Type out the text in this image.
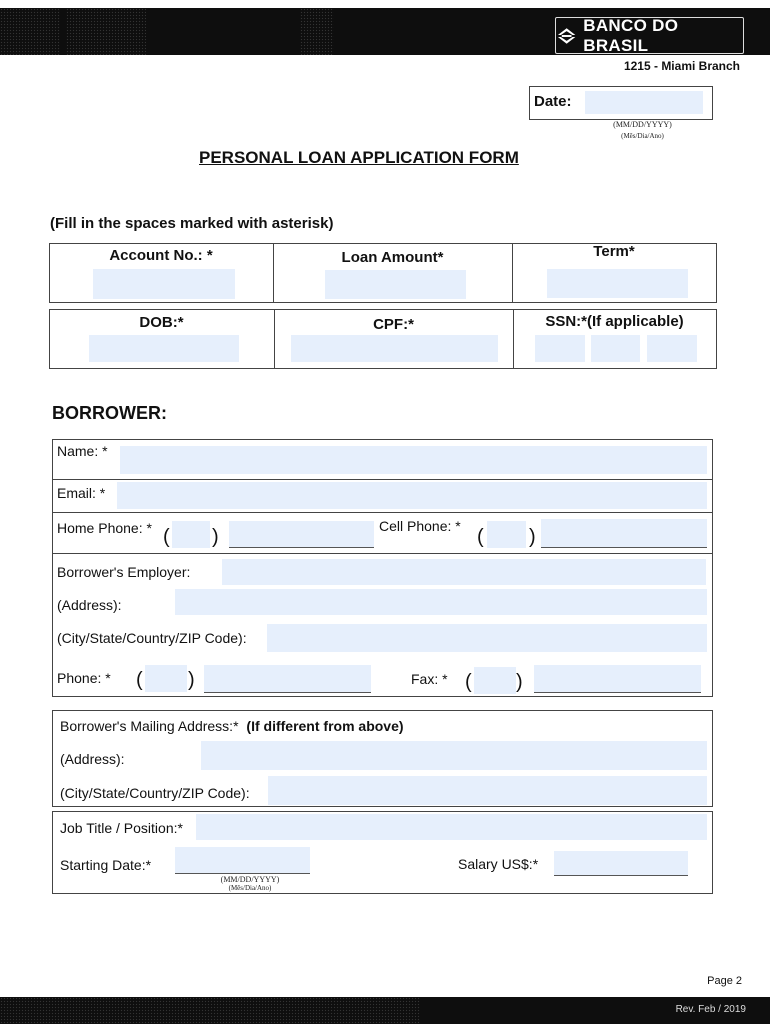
BANCO DO BRASIL
1215 - Miami Branch
Date:
(MM/DD/YYYY)
(Mês/Dia/Ano)
PERSONAL LOAN APPLICATION FORM
(Fill in the spaces marked with asterisk)
Account No.: *	Loan Amount*	Term*
DOB:*	CPF:*	SSN:*(If applicable)
BORROWER:
Name: *
Email: *
Home Phone: * ( )	Cell Phone: * ( )
Borrower's Employer:
(Address):
(City/State/Country/ZIP Code):
Phone: * ( )	Fax: * ( )
Borrower's Mailing Address:* (If different from above)
(Address):
(City/State/Country/ZIP Code):
Job Title / Position:*
Starting Date:*
(MM/DD/YYYY)
(Mês/Dia/Ano)
Salary US$:*
Page 2
Rev. Feb / 2019
